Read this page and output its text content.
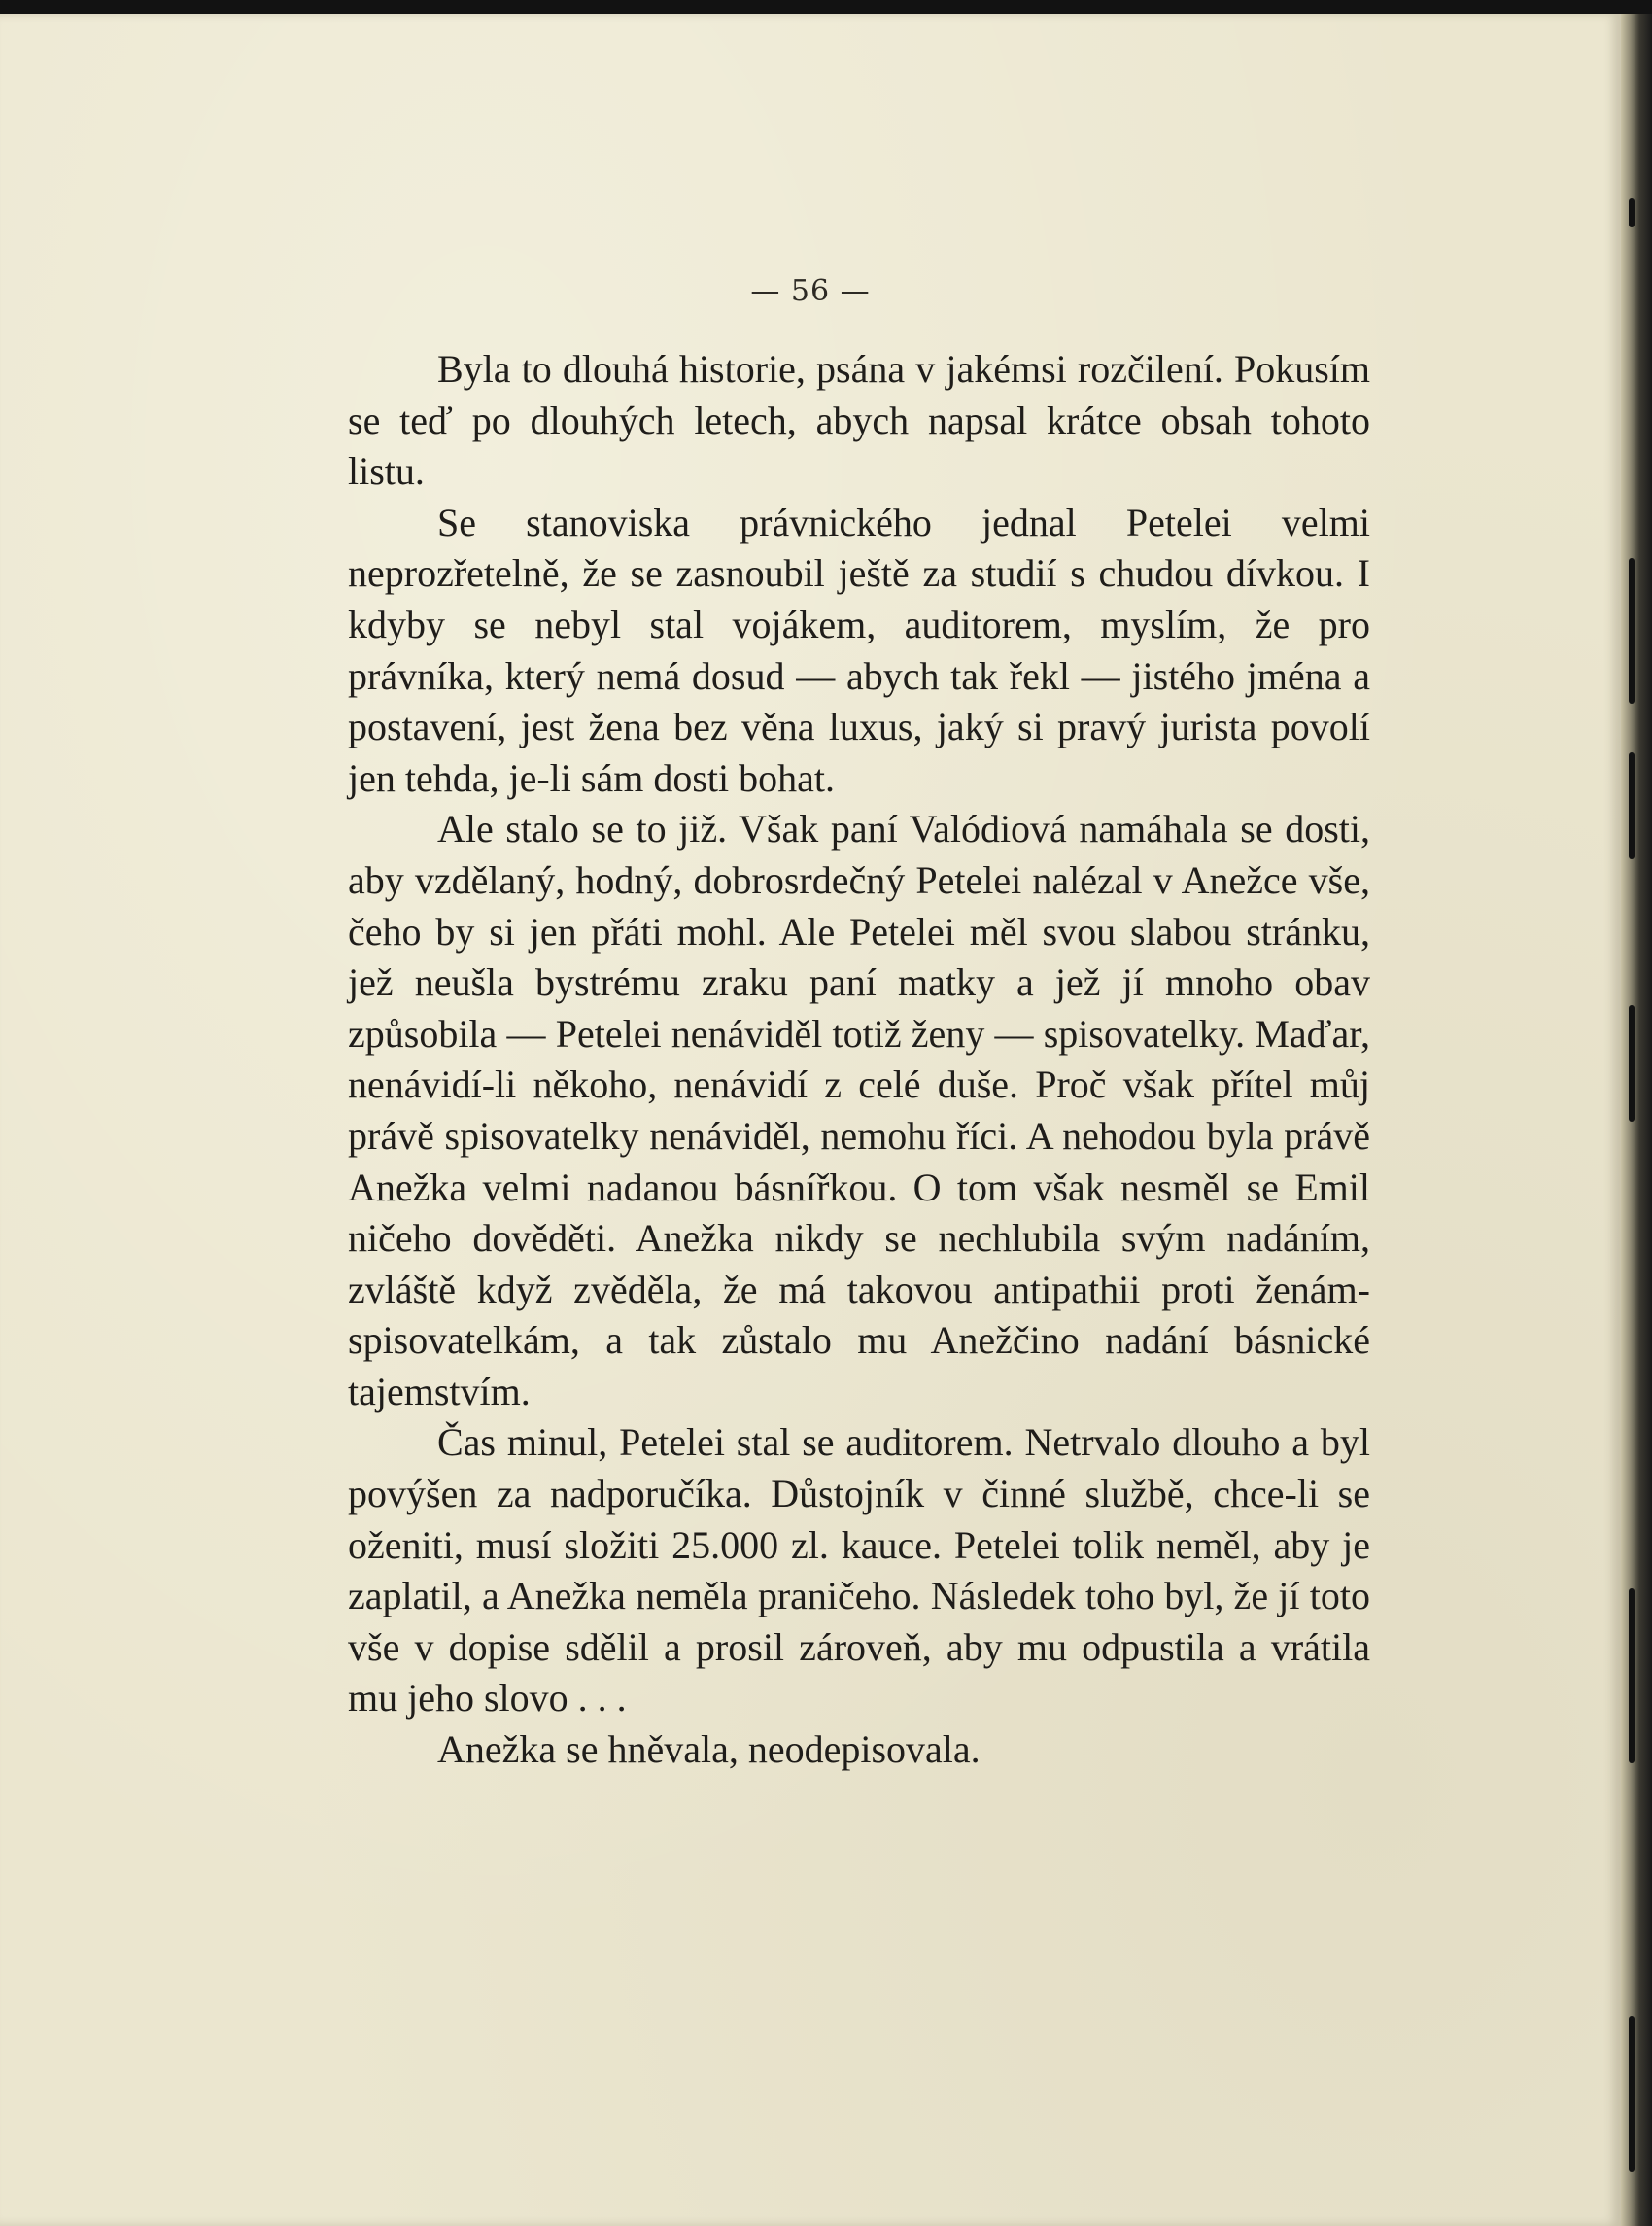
— 56 —

Byla to dlouhá historie, psána v jakémsi rozčilení. Pokusím se teď po dlouhých letech, abych napsal krátce obsah tohoto listu.

Se stanoviska právnického jednal Petelei velmi neprozřetelně, že se zasnoubil ještě za studií s chudou dívkou. I kdyby se nebyl stal vojákem, auditorem, myslím, že pro právníka, který nemá dosud — abych tak řekl — jistého jména a postavení, jest žena bez věna luxus, jaký si pravý jurista povolí jen tehda, je-li sám dosti bohat.

Ale stalo se to již. Však paní Valódiová namáhala se dosti, aby vzdělaný, hodný, dobrosrdečný Petelei nalézal v Anežce vše, čeho by si jen přáti mohl. Ale Petelei měl svou slabou stránku, jež neušla bystrému zraku paní matky a jež jí mnoho obav způsobila — Petelei nenáviděl totiž ženy — spisovatelky. Maďar, nenávidí-li někoho, nenávidí z celé duše. Proč však přítel můj právě spisovatelky nenáviděl, nemohu říci. A nehodou byla právě Anežka velmi nadanou básnířkou. O tom však nesměl se Emil ničeho dověděti. Anežka nikdy se nechlubila svým nadáním, zvláště když zvěděla, že má takovou antipathii proti ženám-spisovatelkám, a tak zůstalo mu Anežčino nadání básnické tajemstvím.

Čas minul, Petelei stal se auditorem. Netrvalo dlouho a byl povýšen za nadporučíka. Důstojník v činné službě, chce-li se oženiti, musí složiti 25.000 zl. kauce. Petelei tolik neměl, aby je zaplatil, a Anežka neměla praničeho. Následek toho byl, že jí toto vše v dopise sdělil a prosil zároveň, aby mu odpustila a vrátila mu jeho slovo . . .

Anežka se hněvala, neodepisovala.
